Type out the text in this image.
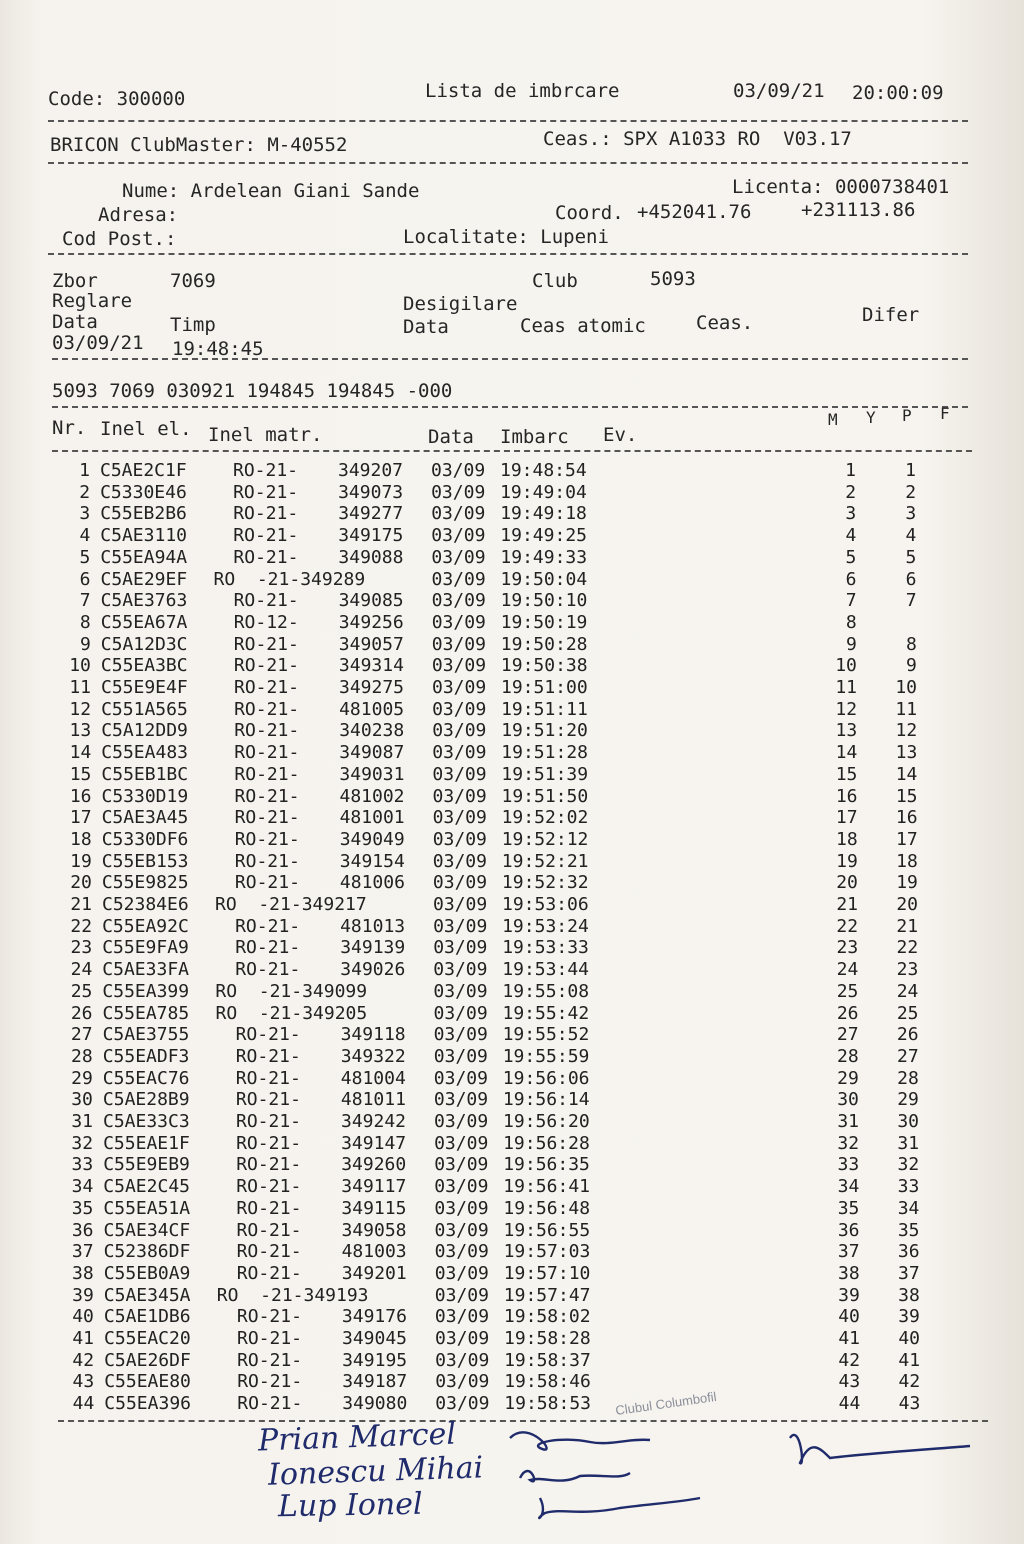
Code: 300000	Lista de imbrcare	03/09/21 20:00:09
BRICON ClubMaster: M-40552	Ceas.: SPX A1033 RO  V03.17
Nume: Ardelean Giani Sande	Licenta: 0000738401
Adresa:	Coord. +452041.76	+231113.86
Cod Post.:	Localitate: Lupeni
Zbor	7069	Club	5093
Reglare	Desigilare
Data	Timp	Data	Ceas atomic	Ceas.	Difer
03/09/21 19:48:45
5093 7069 030921 194845 194845 -000
Nr. Inel el. Inel matr.	Data Imbarc Ev.
M Y P F
1 C5AE2C1F	RO-21- 349207 03/09 19:48:54	1	1
2 C5330E46	RO-21- 349073 03/09 19:49:04	2	2
3 C55EB2B6	RO-21- 349277 03/09 19:49:18	3	3
4 C5AE3110	RO-21- 349175 03/09 19:49:25	4	4
5 C55EA94A	RO-21- 349088 03/09 19:49:33	5	5
6 C5AE29EF RO  -21-349289	03/09 19:50:04	6	6
7 C5AE3763	RO-21- 349085 03/09 19:50:10	7	7
8 C55EA67A	RO-12- 349256 03/09 19:50:19	8
9 C5A12D3C	RO-21- 349057 03/09 19:50:28	9	8
10 C55EA3BC	RO-21- 349314 03/09 19:50:38	10	9
11 C55E9E4F	RO-21- 349275 03/09 19:51:00	11 10
12 C551A565	RO-21- 481005 03/09 19:51:11	12 11
13 C5A12DD9	RO-21- 340238 03/09 19:51:20	13 12
14 C55EA483	RO-21- 349087 03/09 19:51:28	14 13
15 C55EB1BC	RO-21- 349031 03/09 19:51:39	15 14
16 C5330D19	RO-21- 481002 03/09 19:51:50	16 15
17 C5AE3A45	RO-21- 481001 03/09 19:52:02	17 16
18 C5330DF6	RO-21- 349049 03/09 19:52:12	18 17
19 C55EB153	RO-21- 349154 03/09 19:52:21	19 18
20 C55E9825	RO-21- 481006 03/09 19:52:32	20 19
21 C52384E6 RO  -21-349217	03/09 19:53:06	21 20
22 C55EA92C	RO-21- 481013 03/09 19:53:24	22 21
23 C55E9FA9	RO-21- 349139 03/09 19:53:33	23 22
24 C5AE33FA	RO-21- 349026 03/09 19:53:44	24 23
25 C55EA399 RO  -21-349099	03/09 19:55:08	25 24
26 C55EA785 RO  -21-349205	03/09 19:55:42	26 25
27 C5AE3755	RO-21- 349118 03/09 19:55:52	27 26
28 C55EADF3	RO-21- 349322 03/09 19:55:59	28 27
29 C55EAC76	RO-21- 481004 03/09 19:56:06	29 28
30 C5AE28B9	RO-21- 481011 03/09 19:56:14	30 29
31 C5AE33C3	RO-21- 349242 03/09 19:56:20	31 30
32 C55EAE1F	RO-21- 349147 03/09 19:56:28	32 31
33 C55E9EB9	RO-21- 349260 03/09 19:56:35	33 32
34 C5AE2C45	RO-21- 349117 03/09 19:56:41	34 33
35 C55EA51A	RO-21- 349115 03/09 19:56:48	35 34
36 C5AE34CF	RO-21- 349058 03/09 19:56:55	36 35
37 C52386DF	RO-21- 481003 03/09 19:57:03	37 36
38 C55EB0A9	RO-21- 349201 03/09 19:57:10	38 37
39 C5AE345A RO  -21-349193	03/09 19:57:47	39 38
40 C5AE1DB6	RO-21- 349176 03/09 19:58:02	40 39
41 C55EAC20	RO-21- 349045 03/09 19:58:28	41 40
42 C5AE26DF	RO-21- 349195 03/09 19:58:37	42 41
43 C55EAE80	RO-21- 349187 03/09 19:58:46	43 42
44 C55EA396	RO-21- 349080 03/09 19:58:53	44 43
Clubul Columbofil
Prian Marcel
Ionescu Mihai
Lup Ionel
